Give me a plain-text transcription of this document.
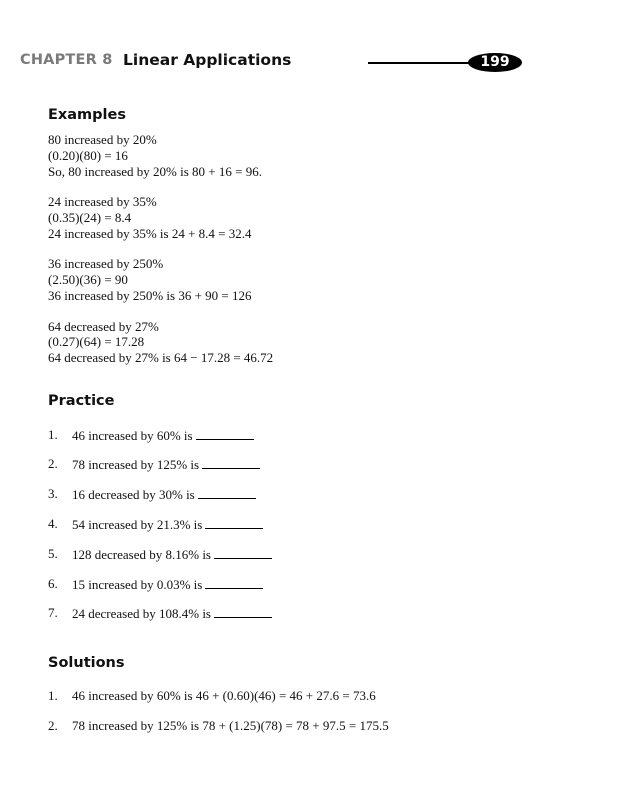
CHAPTER 8 Linear Applications	199
Examples
80 increased by 20%
(0.20)(80) = 16
So, 80 increased by 20% is 80 + 16 = 96.
24 increased by 35%
(0.35)(24) = 8.4
24 increased by 35% is 24 + 8.4 = 32.4
36 increased by 250%
(2.50)(36) = 90
36 increased by 250% is 36 + 90 = 126
64 decreased by 27%
(0.27)(64) = 17.28
64 decreased by 27% is 64 − 17.28 = 46.72
Practice
1. 46 increased by 60% is
2. 78 increased by 125% is
3. 16 decreased by 30% is
4. 54 increased by 21.3% is
5. 128 decreased by 8.16% is
6. 15 increased by 0.03% is
7. 24 decreased by 108.4% is
Solutions
1. 46 increased by 60% is 46 + (0.60)(46) = 46 + 27.6 = 73.6
2. 78 increased by 125% is 78 + (1.25)(78) = 78 + 97.5 = 175.5
